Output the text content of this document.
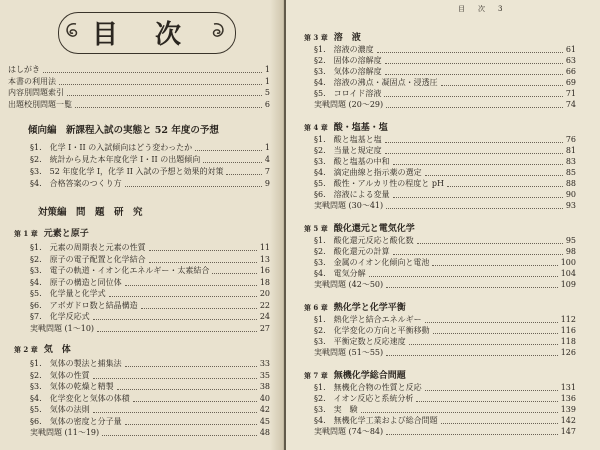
目 次
はしがき	1
本書の利用法	1
内容別問題索引	5
出題校別問題一覧	6
傾向編　新課程入試の実態と 52 年度の予想
§1.　化学 I・II の入試傾向はどう変わったか	1
§2.　統計から見た本年度化学 I・II の出題傾向	4
§3.　52 年度化学 I，化学 II 入試の予想と効果的対策	7
§4.　合格答案のつくり方	9
対策編　問　題　研　究
第 1 章 元素と原子
§1.　元素の周期表と元素の性質	11
§2.　原子の電子配置と化学結合	13
§3.　電子の軌道・イオン化エネルギー・太素結合	16
§4.　原子の構造と同位体	18
§5.　化学量と化学式	20
§6.　アボガドロ数と結晶構造	22
§7.　化学反応式	24
実戦問題 (1〜10)	27
第 2 章 気　体
§1.　気体の製法と捕集法	33
§2.　気体の性質	35
§3.　気体の乾燥と精製	38
§4.　化学変化と気体の体積	40
§5.　気体の法則	42
§6.　気体の密度と分子量	45
実戦問題 (11〜19)	48
目　次　3
第 3 章 溶　液
§1.　溶液の濃度	61
§2.　固体の溶解度	63
§3.　気体の溶解度	66
§4.　溶液の沸点・凝固点・浸透圧	69
§5.　コロイド溶液	71
実戦問題 (20〜29)	74
第 4 章 酸・塩基・塩
§1.　酸と塩基と塩	76
§2.　当量と規定度	81
§3.　酸と塩基の中和	83
§4.　滴定曲線と指示薬の選定	85
§5.　酸性・アルカリ性の程度と pH	88
§6.　溶液による変量	90
実戦問題 (30〜41)	93
第 5 章 酸化還元と電気化学
§1.　酸化還元反応と酸化数	95
§2.　酸化還元の計算	98
§3.　金属のイオン化傾向と電池	100
§4.　電気分解	104
実戦問題 (42〜50)	109
第 6 章 熱化学と化学平衡
§1.　熱化学と結合エネルギー	112
§2.　化学変化の方向と平衡移動	116
§3.　平衡定数と反応速度	118
実戦問題 (51〜55)	126
第 7 章 無機化学総合問題
§1.　無機化合物の性質と反応	131
§2.　イオン反応と系統分析	136
§3.　実　験	139
§4.　無機化学工業および総合問題	142
実戦問題 (74〜84)	147
